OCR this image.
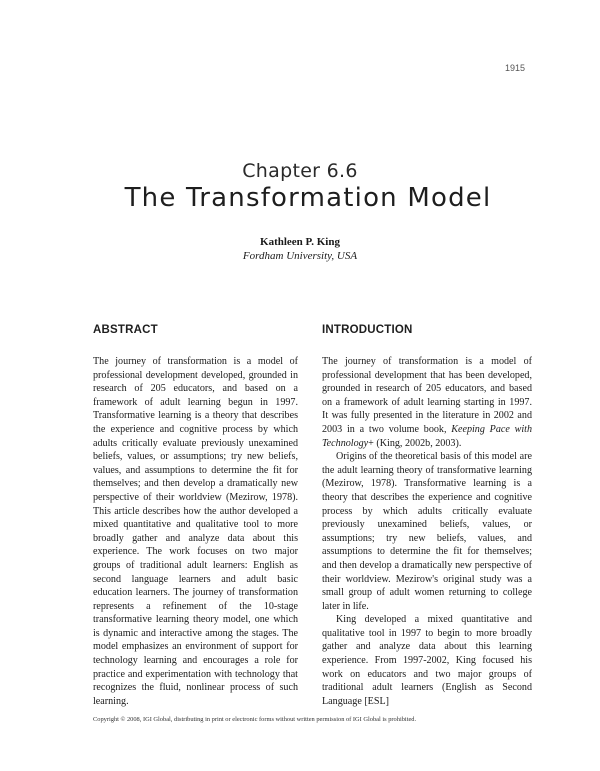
1915
Chapter 6.6
The Transformation Model
Kathleen P. King
Fordham University, USA
ABSTRACT

The journey of transformation is a model of professional development developed, grounded in research of 205 educators, and based on a framework of adult learning begun in 1997. Transformative learning is a theory that describes the experience and cognitive process by which adults critically evaluate previously unexamined beliefs, values, or assumptions; try new beliefs, values, and assumptions to determine the fit for themselves; and then develop a dramatically new perspective of their worldview (Mezirow, 1978). This article describes how the author developed a mixed quantitative and qualitative tool to more broadly gather and analyze data about this experience. The work focuses on two major groups of traditional adult learners: English as second language learners and adult basic education learners. The journey of transformation represents a refinement of the 10-stage transformative learning theory model, one which is dynamic and interactive among the stages. The model emphasizes an environment of support for technology learning and encourages a role for practice and experimentation with technology that recognizes the fluid, nonlinear process of such learning.

INTRODUCTION

The journey of transformation is a model of professional development that has been developed, grounded in research of 205 educators, and based on a framework of adult learning starting in 1997. It was fully presented in the literature in 2002 and 2003 in a two volume book, Keeping Pace with Technology+ (King, 2002b, 2003).

Origins of the theoretical basis of this model are the adult learning theory of transformative learning (Mezirow, 1978). Transformative learning is a theory that describes the experience and cognitive process by which adults critically evaluate previously unexamined beliefs, values, or assumptions; try new beliefs, values, and assumptions to determine the fit for themselves; and then develop a dramatically new perspective of their worldview. Mezirow's original study was a small group of adult women returning to college later in life.

King developed a mixed quantitative and qualitative tool in 1997 to begin to more broadly gather and analyze data about this learning experience. From 1997-2002, King focused his work on educators and two major groups of traditional adult learners (English as Second Language [ESL]

Copyright © 2008, IGI Global, distributing in print or electronic forms without written permission of IGI Global is prohibited.
